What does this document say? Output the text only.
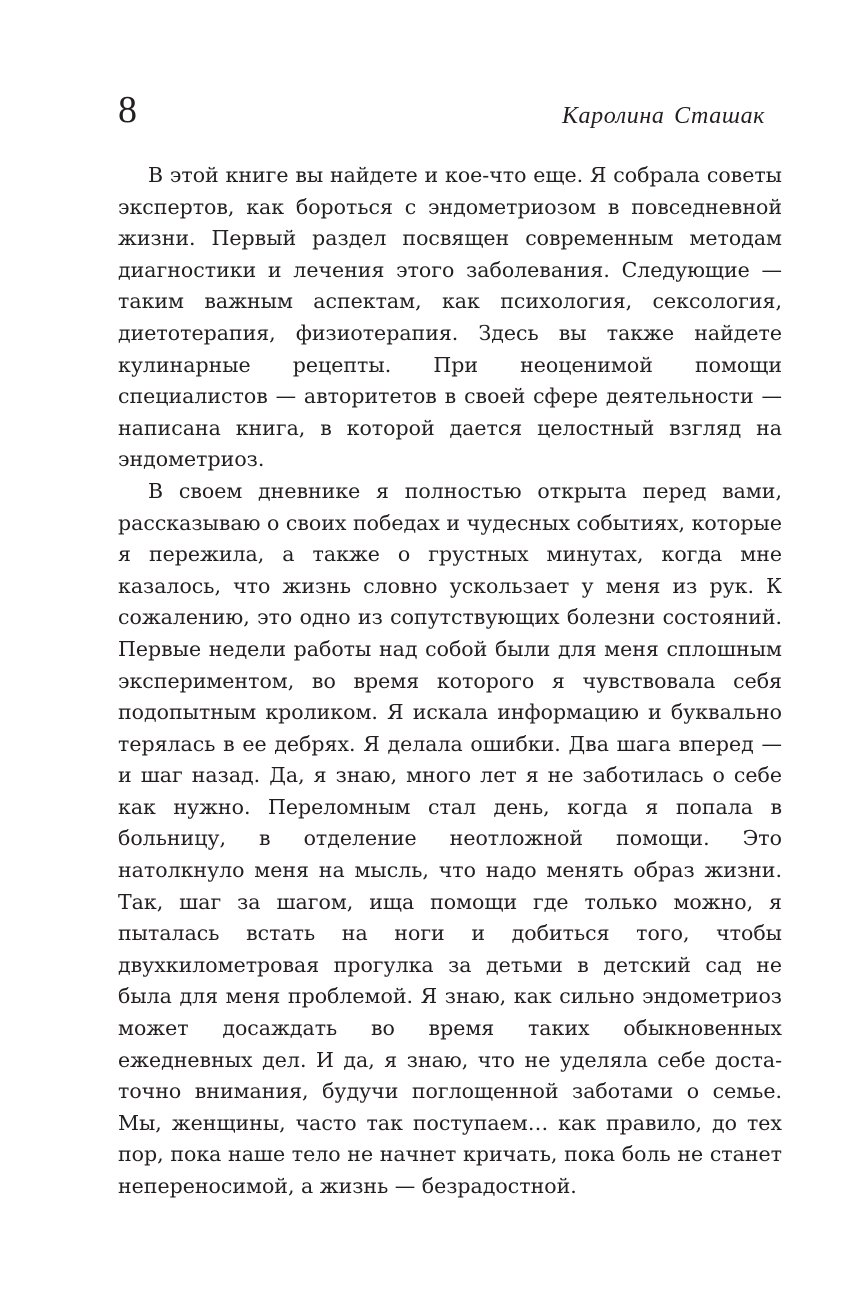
8	Каролина Сташак

В этой книге вы найдете и кое-что еще. Я собрала советы экспертов, как бороться с эндометриозом в повседневной жизни. Первый раздел посвящен современным методам диагностики и лечения этого заболевания. Следующие — таким важным аспектам, как психология, сексология, диетотерапия, физиотерапия. Здесь вы также найдете кулинарные рецепты. При неоценимой помощи специалистов — авторитетов в своей сфере деятельности — написана книга, в которой дается целостный взгляд на эндометриоз.

В своем дневнике я полностью открыта перед вами, рассказываю о своих победах и чудесных событиях, которые я пережила, а также о грустных минутах, когда мне казалось, что жизнь словно ускользает у меня из рук. К сожалению, это одно из сопутствующих болезни состояний. Первые недели работы над собой были для меня сплошным экспериментом, во время которого я чувствовала себя подопытным кроликом. Я искала информацию и буквально терялась в ее дебрях. Я делала ошибки. Два шага вперед — и шаг назад. Да, я знаю, много лет я не заботилась о себе как нужно. Переломным стал день, когда я попала в больницу, в отделение неотложной помощи. Это натолкнуло меня на мысль, что надо менять образ жизни. Так, шаг за шагом, ища помощи где только можно, я пыталась встать на ноги и добиться того, чтобы двухкилометровая прогулка за детьми в детский сад не была для меня проблемой. Я знаю, как сильно эндометриоз может досаждать во время таких обыкновенных ежедневных дел. И да, я знаю, что не уделяла себе достаточно внимания, будучи поглощенной заботами о семье. Мы, женщины, часто так поступаем… как правило, до тех пор, пока наше тело не начнет кричать, пока боль не станет непереносимой, а жизнь — безрадостной.
